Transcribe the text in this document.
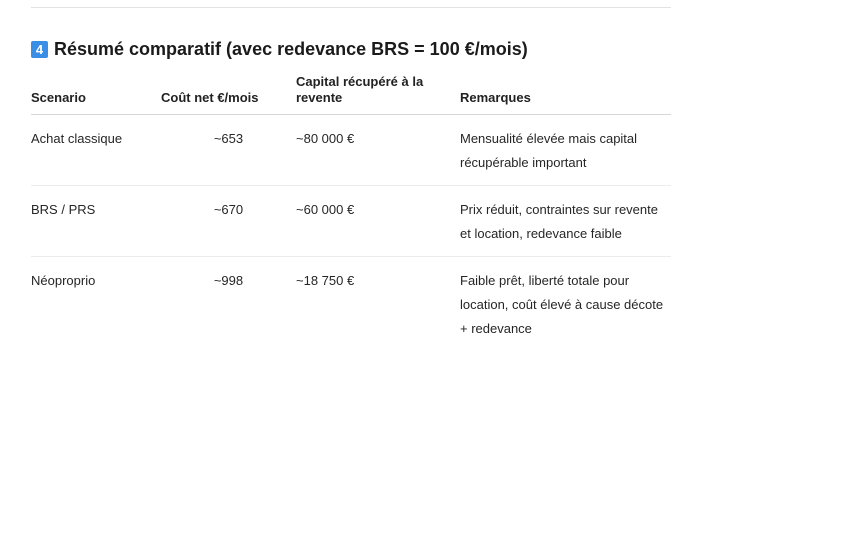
4 Résumé comparatif (avec redevance BRS = 100 €/mois)
Scenario	Coût net €/mois	Capital récupéré à la revente	Remarques
Achat classique	~653	~80 000 €	Mensualité élevée mais capital récupérable important
BRS / PRS	~670	~60 000 €	Prix réduit, contraintes sur revente et location, redevance faible
Néoproprio	~998	~18 750 €	Faible prêt, liberté totale pour location, coût élevé à cause décote + redevance
